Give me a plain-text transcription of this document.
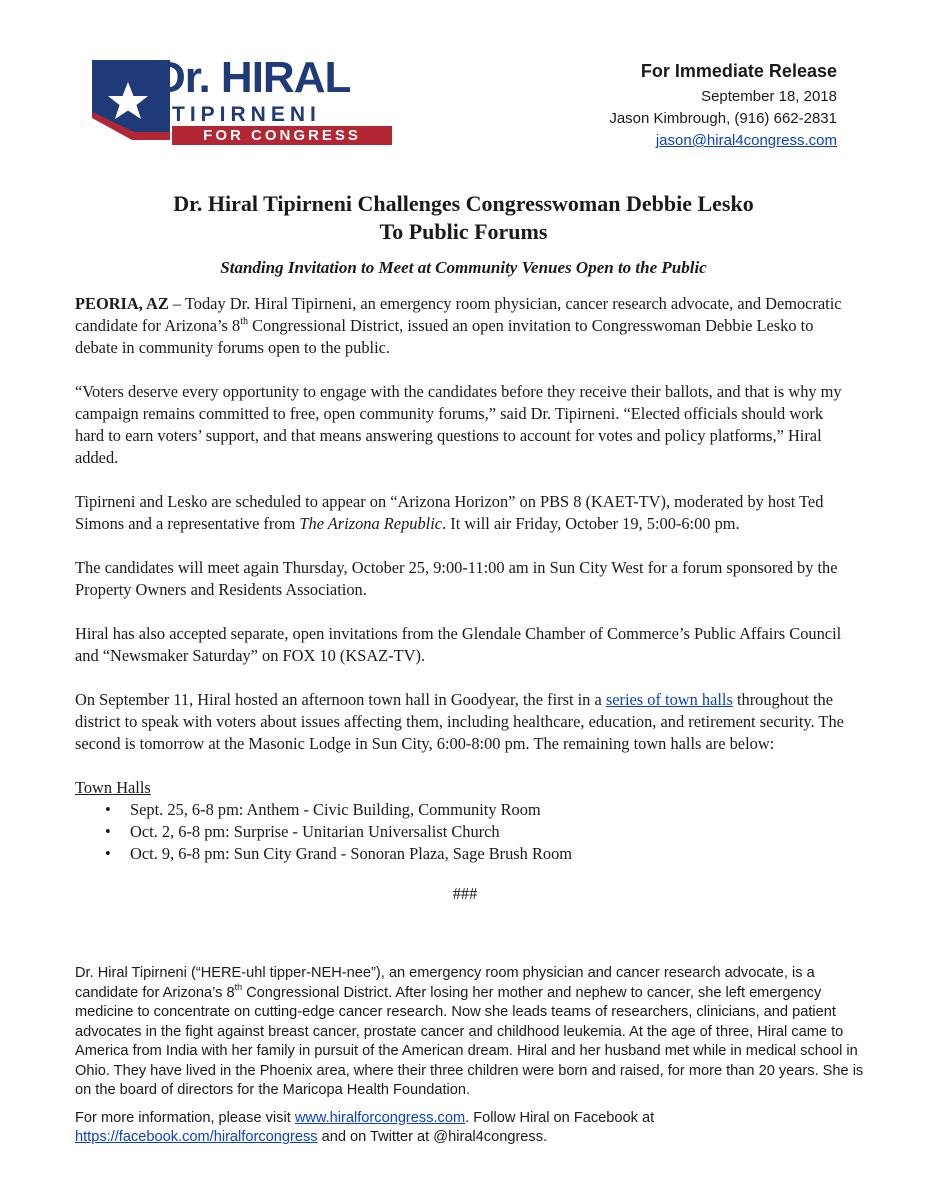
Dr. HIRAL
TIPIRNENI
FOR CONGRESS
For Immediate Release
September 18, 2018
Jason Kimbrough, (916) 662-2831
jason@hiral4congress.com
Dr. Hiral Tipirneni Challenges Congresswoman Debbie Lesko
To Public Forums
Standing Invitation to Meet at Community Venues Open to the Public

PEORIA, AZ – Today Dr. Hiral Tipirneni, an emergency room physician, cancer research advocate, and Democratic candidate for Arizona’s 8th Congressional District, issued an open invitation to Congresswoman Debbie Lesko to debate in community forums open to the public.

“Voters deserve every opportunity to engage with the candidates before they receive their ballots, and that is why my campaign remains committed to free, open community forums,” said Dr. Tipirneni. “Elected officials should work hard to earn voters’ support, and that means answering questions to account for votes and policy platforms,” Hiral added.

Tipirneni and Lesko are scheduled to appear on “Arizona Horizon” on PBS 8 (KAET-TV), moderated by host Ted Simons and a representative from The Arizona Republic. It will air Friday, October 19, 5:00-6:00 pm.

The candidates will meet again Thursday, October 25, 9:00-11:00 am in Sun City West for a forum sponsored by the Property Owners and Residents Association.

Hiral has also accepted separate, open invitations from the Glendale Chamber of Commerce’s Public Affairs Council and “Newsmaker Saturday” on FOX 10 (KSAZ-TV).

On September 11, Hiral hosted an afternoon town hall in Goodyear, the first in a series of town halls throughout the district to speak with voters about issues affecting them, including healthcare, education, and retirement security. The second is tomorrow at the Masonic Lodge in Sun City, 6:00-8:00 pm. The remaining town halls are below:

Town Halls
• Sept. 25, 6-8 pm: Anthem - Civic Building, Community Room
• Oct. 2, 6-8 pm: Surprise - Unitarian Universalist Church
• Oct. 9, 6-8 pm: Sun City Grand - Sonoran Plaza, Sage Brush Room
###

Dr. Hiral Tipirneni (“HERE-uhl tipper-NEH-nee”), an emergency room physician and cancer research advocate, is a candidate for Arizona’s 8th Congressional District. After losing her mother and nephew to cancer, she left emergency medicine to concentrate on cutting-edge cancer research. Now she leads teams of researchers, clinicians, and patient advocates in the fight against breast cancer, prostate cancer and childhood leukemia. At the age of three, Hiral came to America from India with her family in pursuit of the American dream. Hiral and her husband met while in medical school in Ohio. They have lived in the Phoenix area, where their three children were born and raised, for more than 20 years. She is on the board of directors for the Maricopa Health Foundation.

For more information, please visit www.hiralforcongress.com. Follow Hiral on Facebook at https://facebook.com/hiralforcongress and on Twitter at @hiral4congress.
